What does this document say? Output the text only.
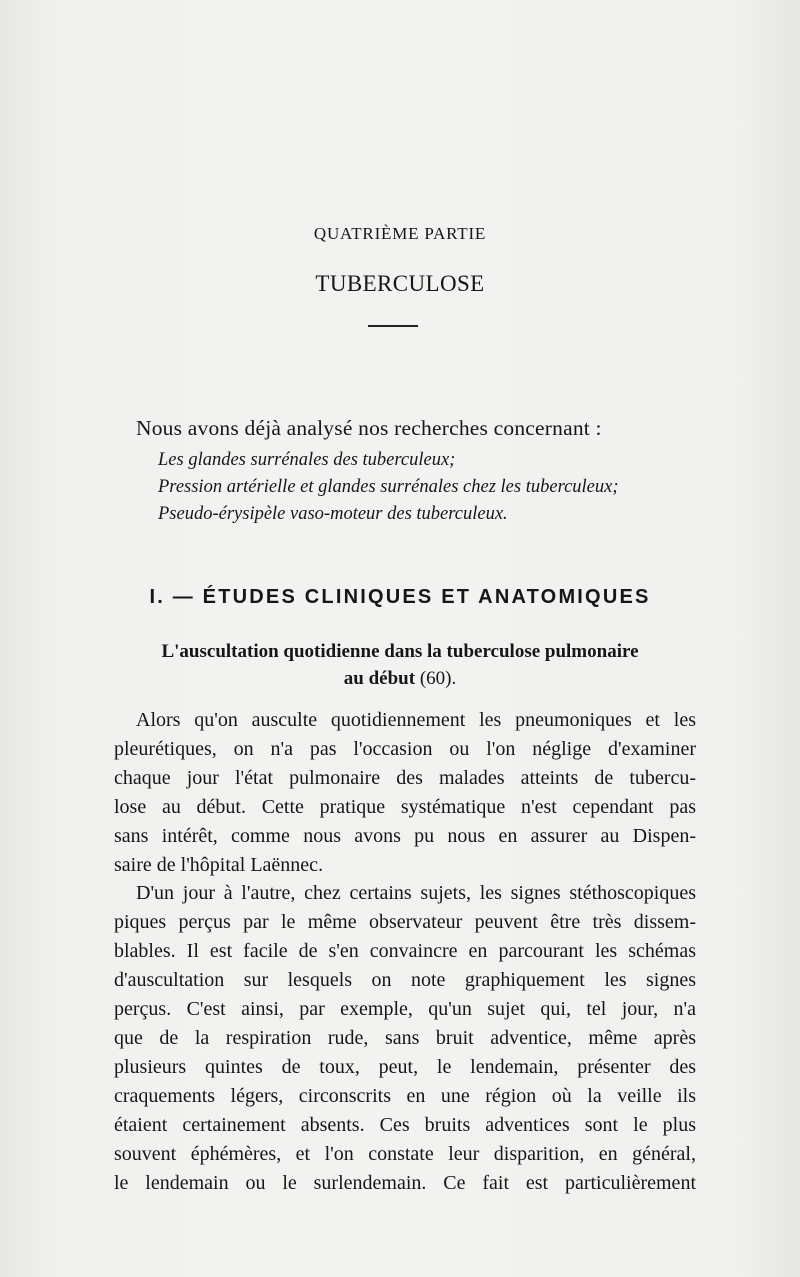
QUATRIÈME PARTIE
TUBERCULOSE
Nous avons déjà analysé nos recherches concernant :
Les glandes surrénales des tuberculeux;
Pression artérielle et glandes surrénales chez les tuberculeux;
Pseudo-érysipèle vaso-moteur des tuberculeux.
I. — ÉTUDES CLINIQUES ET ANATOMIQUES
L'auscultation quotidienne dans la tuberculose pulmonaire
au début (60).

Alors qu'on ausculte quotidiennement les pneumoniques et les
pleurétiques, on n'a pas l'occasion ou l'on néglige d'examiner
chaque jour l'état pulmonaire des malades atteints de tubercu-
lose au début. Cette pratique systématique n'est cependant pas
sans intérêt, comme nous avons pu nous en assurer au Dispen-
saire de l'hôpital Laënnec.

D'un jour à l'autre, chez certains sujets, les signes stéthoscopiques
piques perçus par le même observateur peuvent être très dissem-
blables. Il est facile de s'en convaincre en parcourant les schémas
d'auscultation sur lesquels on note graphiquement les signes
perçus. C'est ainsi, par exemple, qu'un sujet qui, tel jour, n'a
que de la respiration rude, sans bruit adventice, même après
plusieurs quintes de toux, peut, le lendemain, présenter des
craquements légers, circonscrits en une région où la veille ils
étaient certainement absents. Ces bruits adventices sont le plus
souvent éphémères, et l'on constate leur disparition, en général,
le lendemain ou le surlendemain. Ce fait est particulièrement
